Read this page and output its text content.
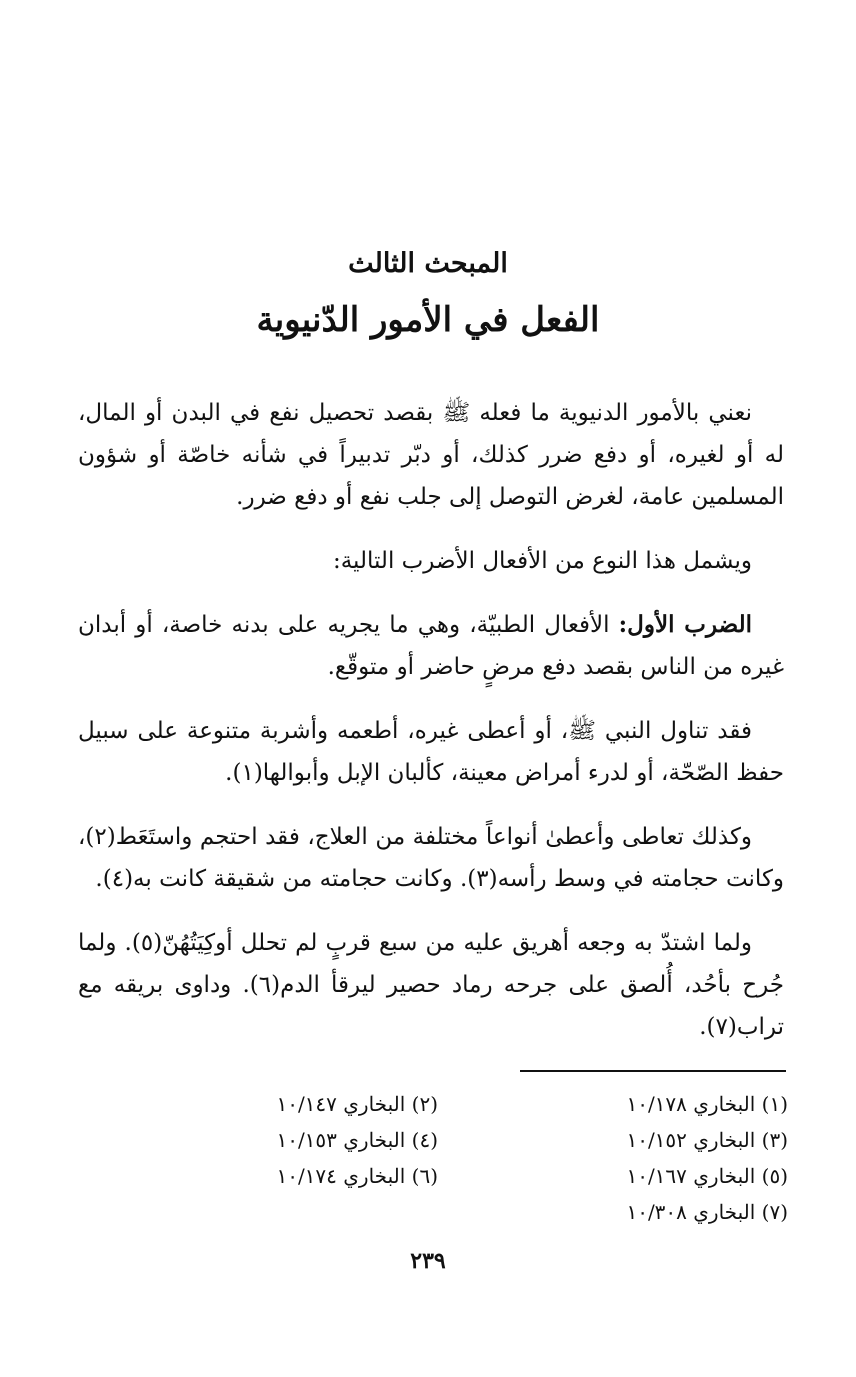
المبحث الثالث
الفعل في الأمور الدّنيوية

نعني بالأمور الدنيوية ما فعله ﷺ بقصد تحصيل نفع في البدن أو المال، له أو لغيره، أو دفع ضرر كذلك، أو دبّر تدبيراً في شأنه خاصّة أو شؤون المسلمين عامة، لغرض التوصل إلى جلب نفع أو دفع ضرر.

ويشمل هذا النوع من الأفعال الأضرب التالية:

الضرب الأول: الأفعال الطبيّة، وهي ما يجريه على بدنه خاصة، أو أبدان غيره من الناس بقصد دفع مرضٍ حاضر أو متوقّع.

فقد تناول النبي ﷺ، أو أعطى غيره، أطعمه وأشربة متنوعة على سبيل حفظ الصّحّة، أو لدرء أمراض معينة، كألبان الإبل وأبوالها(١).

وكذلك تعاطى وأعطىٰ أنواعاً مختلفة من العلاج، فقد احتجم واستَعَط(٢)، وكانت حجامته في وسط رأسه(٣). وكانت حجامته من شقيقة كانت به(٤).

ولما اشتدّ به وجعه أهريق عليه من سبع قربٍ لم تحلل أوكِيَتُهُنّ(٥). ولما جُرح بأحُد، أُلصق على جرحه رماد حصير ليرقأ الدم(٦). وداوى بريقه مع تراب(٧).

(١) البخاري ١٠/١٧٨
(٢) البخاري ١٠/١٤٧
(٣) البخاري ١٠/١٥٢
(٤) البخاري ١٠/١٥٣
(٥) البخاري ١٠/١٦٧
(٦) البخاري ١٠/١٧٤
(٧) البخاري ١٠/٣٠٨
٢٣٩
